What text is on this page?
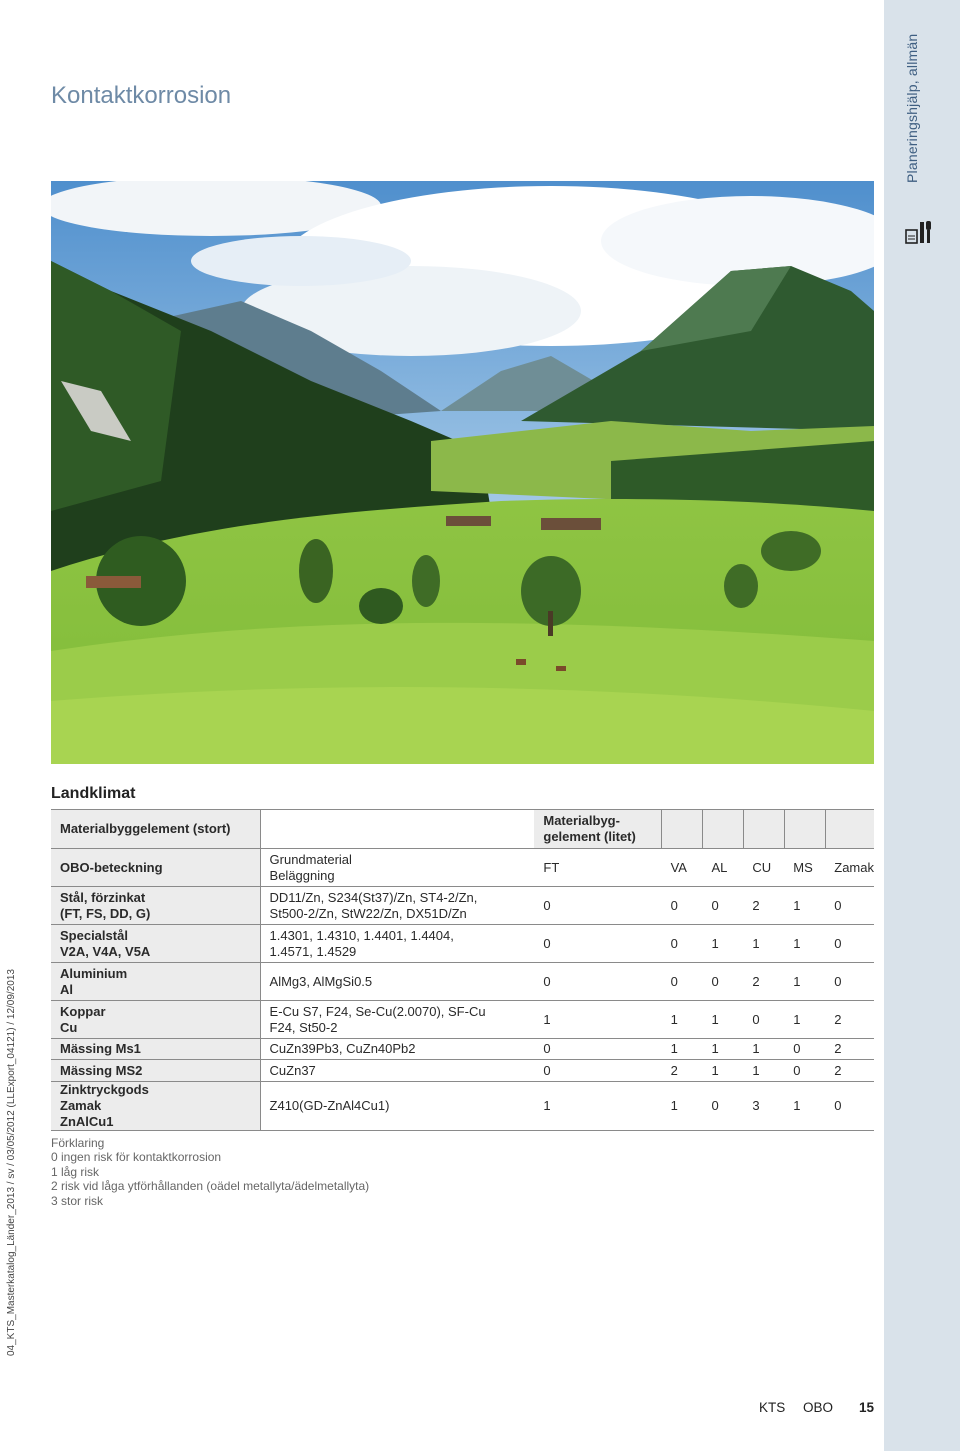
Planeringshjälp, allmän
04_KTS_Masterkatalog_Länder_2013 / sv / 03/05/2012 (LLExport_04121) / 12/09/2013
Kontaktkorrosion
Landklimat
Materialbyggelement (stort)		Materialbyg-
gelement (litet)					
OBO-beteckning	Grundmaterial
Beläggning	FT	VA	AL	CU	MS	Zamak
Stål, förzinkat
(FT, FS, DD, G)	DD11/Zn, S234(St37)/Zn, ST4-2/Zn,
St500-2/Zn, StW22/Zn, DX51D/Zn	0	0	0	2	1	0
Specialstål
V2A, V4A, V5A	1.4301, 1.4310, 1.4401, 1.4404,
1.4571, 1.4529	0	0	1	1	1	0
Aluminium
Al	AlMg3, AlMgSi0.5	0	0	0	2	1	0
Koppar
Cu	E-Cu S7, F24, Se-Cu(2.0070), SF-Cu
F24, St50-2	1	1	1	0	1	2
Mässing Ms1	CuZn39Pb3, CuZn40Pb2	0	1	1	1	0	2
Mässing MS2	CuZn37	0	2	1	1	0	2
Zinktryckgods
Zamak
ZnAlCu1	Z410(GD-ZnAl4Cu1)	1	1	0	3	1	0
Förklaring
0 ingen risk för kontaktkorrosion
1 låg risk
2 risk vid låga ytförhållanden (oädel metallyta/ädelmetallyta)
3 stor risk
KTS OBO 15
